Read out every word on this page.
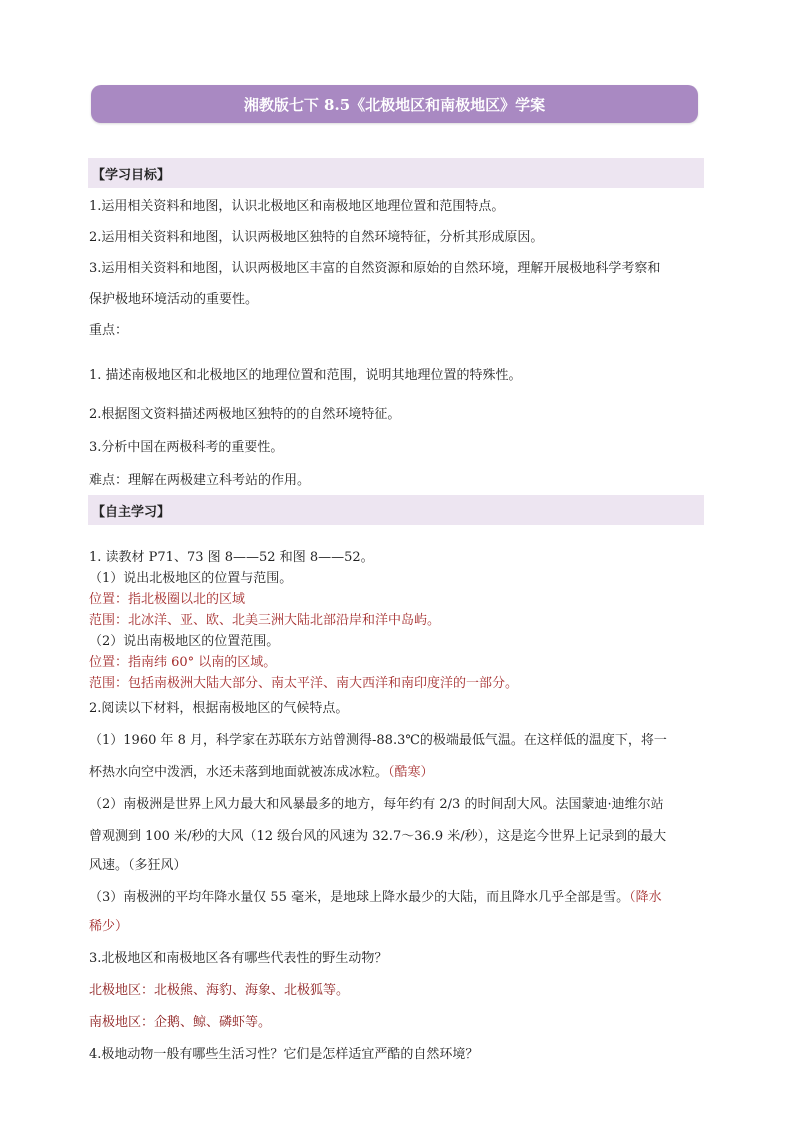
湘教版七下 8.5《北极地区和南极地区》学案
【学习目标】
1.运用相关资料和地图，认识北极地区和南极地区地理位置和范围特点。
2.运用相关资料和地图，认识两极地区独特的自然环境特征，分析其形成原因。
3.运用相关资料和地图，认识两极地区丰富的自然资源和原始的自然环境，理解开展极地科学考察和
保护极地环境活动的重要性。
重点：
1. 描述南极地区和北极地区的地理位置和范围，说明其地理位置的特殊性。
2.根据图文资料描述两极地区独特的的自然环境特征。
3.分析中国在两极科考的重要性。
难点：理解在两极建立科考站的作用。
【自主学习】
1. 读教材 P71、73 图 8——52 和图 8——52。
（1）说出北极地区的位置与范围。
位置：指北极圈以北的区域
范围：北冰洋、亚、欧、北美三洲大陆北部沿岸和洋中岛屿。
（2）说出南极地区的位置范围。
位置：指南纬 60° 以南的区域。
范围：包括南极洲大陆大部分、南太平洋、南大西洋和南印度洋的一部分。
2.阅读以下材料，根据南极地区的气候特点。
（1）1960 年 8 月，科学家在苏联东方站曾测得-88.3℃的极端最低气温。在这样低的温度下，将一
杯热水向空中泼洒，水还未落到地面就被冻成冰粒。（酷寒）
（2）南极洲是世界上风力最大和风暴最多的地方，每年约有 2/3 的时间刮大风。法国蒙迪·迪维尔站
曾观测到 100 米/秒的大风（12 级台风的风速为 32.7～36.9 米/秒），这是迄今世界上记录到的最大
风速。（多狂风）
（3）南极洲的平均年降水量仅 55 毫米，是地球上降水最少的大陆，而且降水几乎全部是雪。（降水
稀少）
3.北极地区和南极地区各有哪些代表性的野生动物？
北极地区：北极熊、海豹、海象、北极狐等。
南极地区：企鹅、鲸、磷虾等。
4.极地动物一般有哪些生活习性？它们是怎样适宜严酷的自然环境？
